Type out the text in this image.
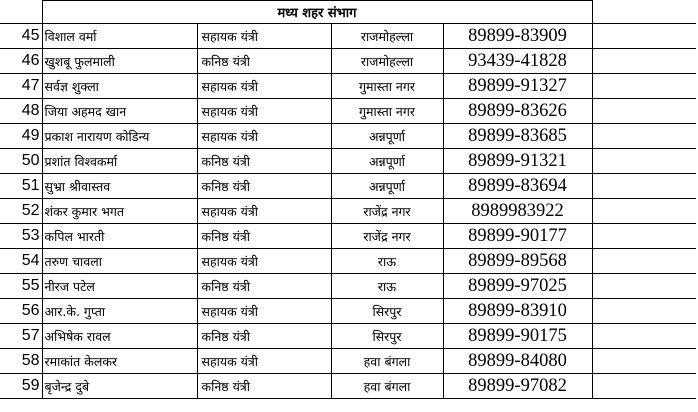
	मध्य शहर संभाग				
45	विशाल वर्मा	सहायक यंत्री	राजमोहल्ला	89899-83909	
46	खुशबू फुलमाली	कनिष्ठ यंत्री	राजमोहल्ला	93439-41828	
47	सर्वज्ञ शुक्ला	सहायक यंत्री	गुमास्ता नगर	89899-91327	
48	जिया अहमद खान	सहायक यंत्री	गुमास्ता नगर	89899-83626	
49	प्रकाश नारायण कोडिन्य	सहायक यंत्री	अन्नपूर्णा	89899-83685	
50	प्रशांत विश्वकर्मा	कनिष्ठ यंत्री	अन्नपूर्णा	89899-91321	
51	सुभ्रा श्रीवास्तव	कनिष्ठ यंत्री	अन्नपूर्णा	89899-83694	
52	शंकर कुमार भगत	सहायक यंत्री	राजेंद्र नगर	8989983922	
53	कपिल भारती	कनिष्ठ यंत्री	राजेंद्र नगर	89899-90177	
54	तरुण चावला	सहायक यंत्री	राऊ	89899-89568	
55	नीरज पटेल	कनिष्ठ यंत्री	राऊ	89899-97025	
56	आर.के. गुप्ता	सहायक यंत्री	सिरपुर	89899-83910	
57	अभिषेक रावल	कनिष्ठ यंत्री	सिरपुर	89899-90175	
58	रमाकांत केलकर	सहायक यंत्री	हवा बंगला	89899-84080	
59	बृजेन्द्र दुबे	कनिष्ठ यंत्री	हवा बंगला	89899-97082	
